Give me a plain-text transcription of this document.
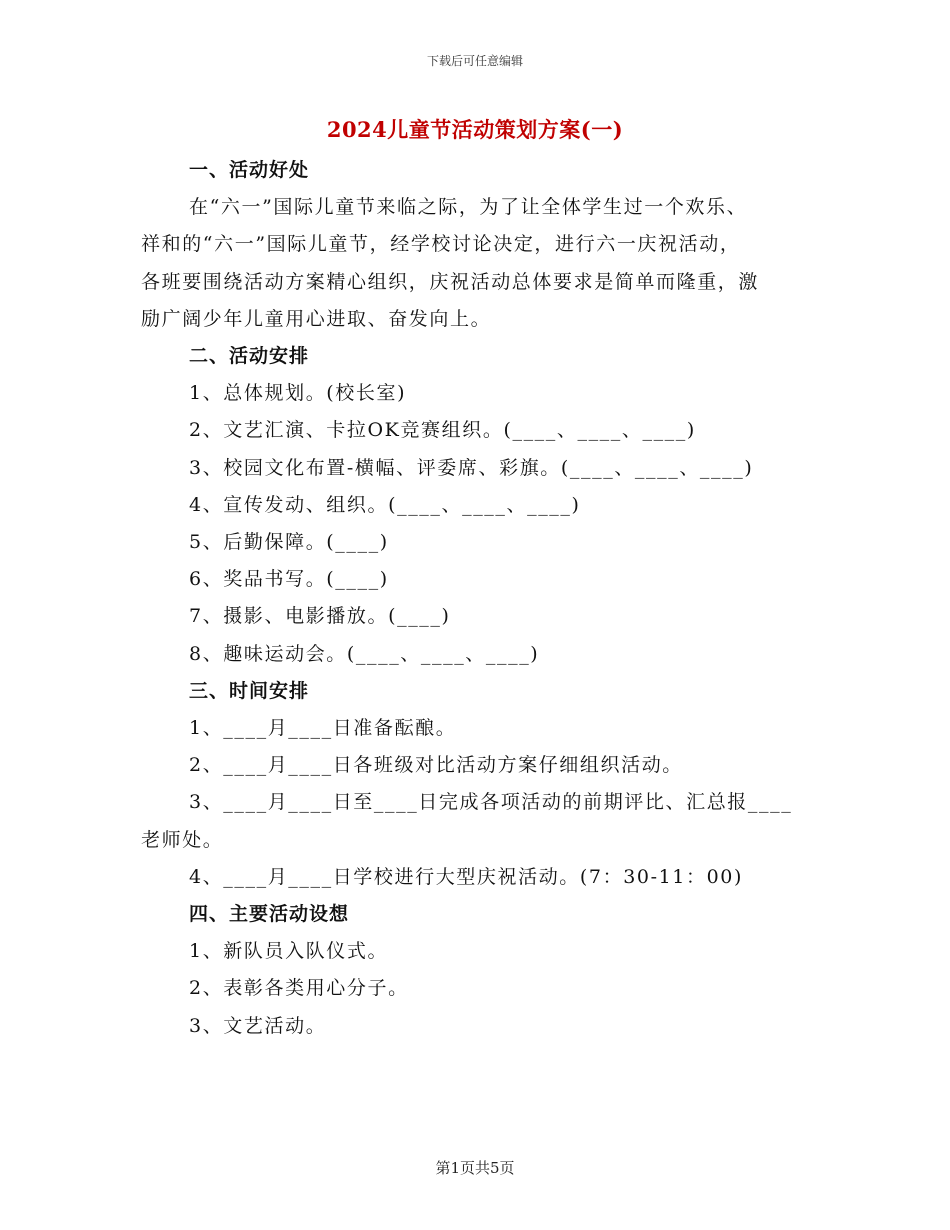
下载后可任意编辑
2024儿童节活动策划方案(一)
一、活动好处
在“六一”国际儿童节来临之际，为了让全体学生过一个欢乐、
祥和的“六一”国际儿童节，经学校讨论决定，进行六一庆祝活动，
各班要围绕活动方案精心组织，庆祝活动总体要求是简单而隆重，激
励广阔少年儿童用心进取、奋发向上。
二、活动安排
1、总体规划。(校长室)
2、文艺汇演、卡拉OK竞赛组织。(____、____、____)
3、校园文化布置-横幅、评委席、彩旗。(____、____、____)
4、宣传发动、组织。(____、____、____)
5、后勤保障。(____)
6、奖品书写。(____)
7、摄影、电影播放。(____)
8、趣味运动会。(____、____、____)
三、时间安排
1、____月____日准备酝酿。
2、____月____日各班级对比活动方案仔细组织活动。
3、____月____日至____日完成各项活动的前期评比、汇总报____
老师处。
4、____月____日学校进行大型庆祝活动。(7：30-11：00)
四、主要活动设想
1、新队员入队仪式。
2、表彰各类用心分子。
3、文艺活动。
第1页共5页
